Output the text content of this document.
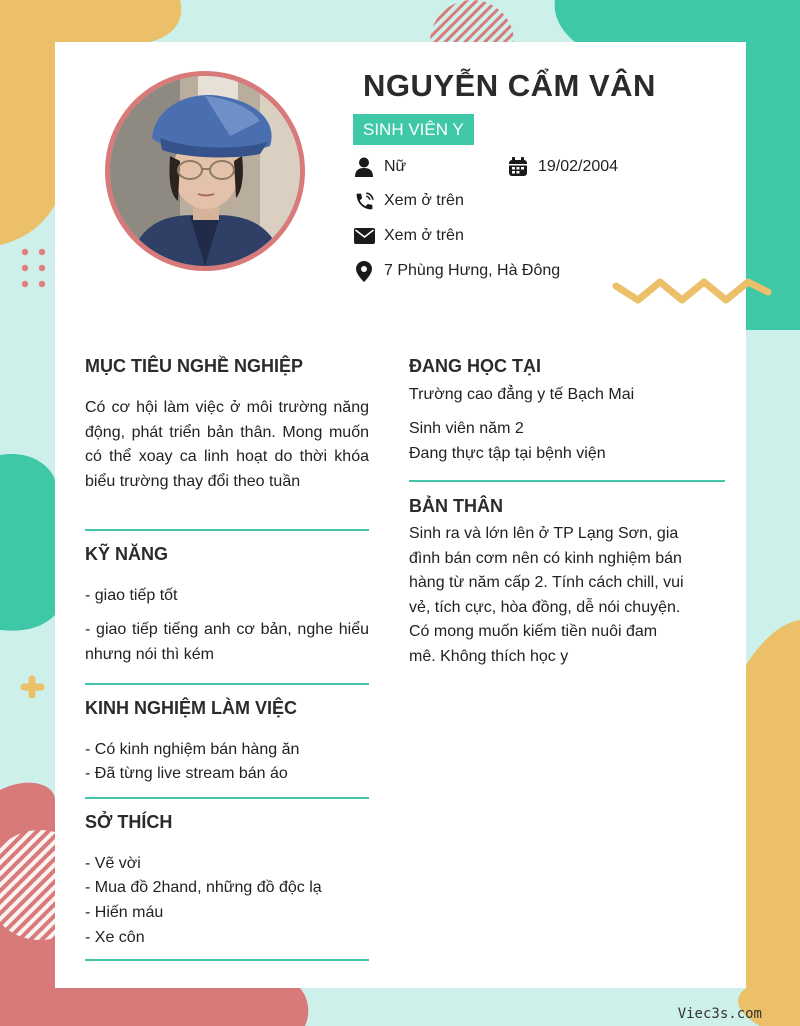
NGUYỄN CẨM VÂN
SINH VIÊN Y
Nữ	19/02/2004
Xem ở trên
Xem ở trên
7 Phùng Hưng, Hà Đông
MỤC TIÊU NGHỀ NGHIỆP
Có cơ hội làm việc ở môi trường năng động, phát triển bản thân. Mong muốn có thể xoay ca linh hoạt do thời khóa biểu trường thay đổi theo tuần
KỸ NĂNG
- giao tiếp tốt
- giao tiếp tiếng anh cơ bản, nghe hiểu nhưng nói thì kém
KINH NGHIỆM LÀM VIỆC
- Có kinh nghiệm bán hàng ăn
- Đã từng live stream bán áo
SỞ THÍCH
- Vẽ vời
- Mua đồ 2hand, những đồ độc lạ
- Hiến máu
- Xe côn
ĐANG HỌC TẠI
Trường cao đẳng y tế Bạch Mai
Sinh viên năm 2
Đang thực tập tại bệnh viện
BẢN THÂN
Sinh ra và lớn lên ở TP Lạng Sơn, gia
đình bán cơm nên có kinh nghiệm bán
hàng từ năm cấp 2. Tính cách chill, vui
vẻ, tích cực, hòa đồng, dễ nói chuyện.
Có mong muốn kiếm tiền nuôi đam
mê. Không thích học y
Viec3s.com
